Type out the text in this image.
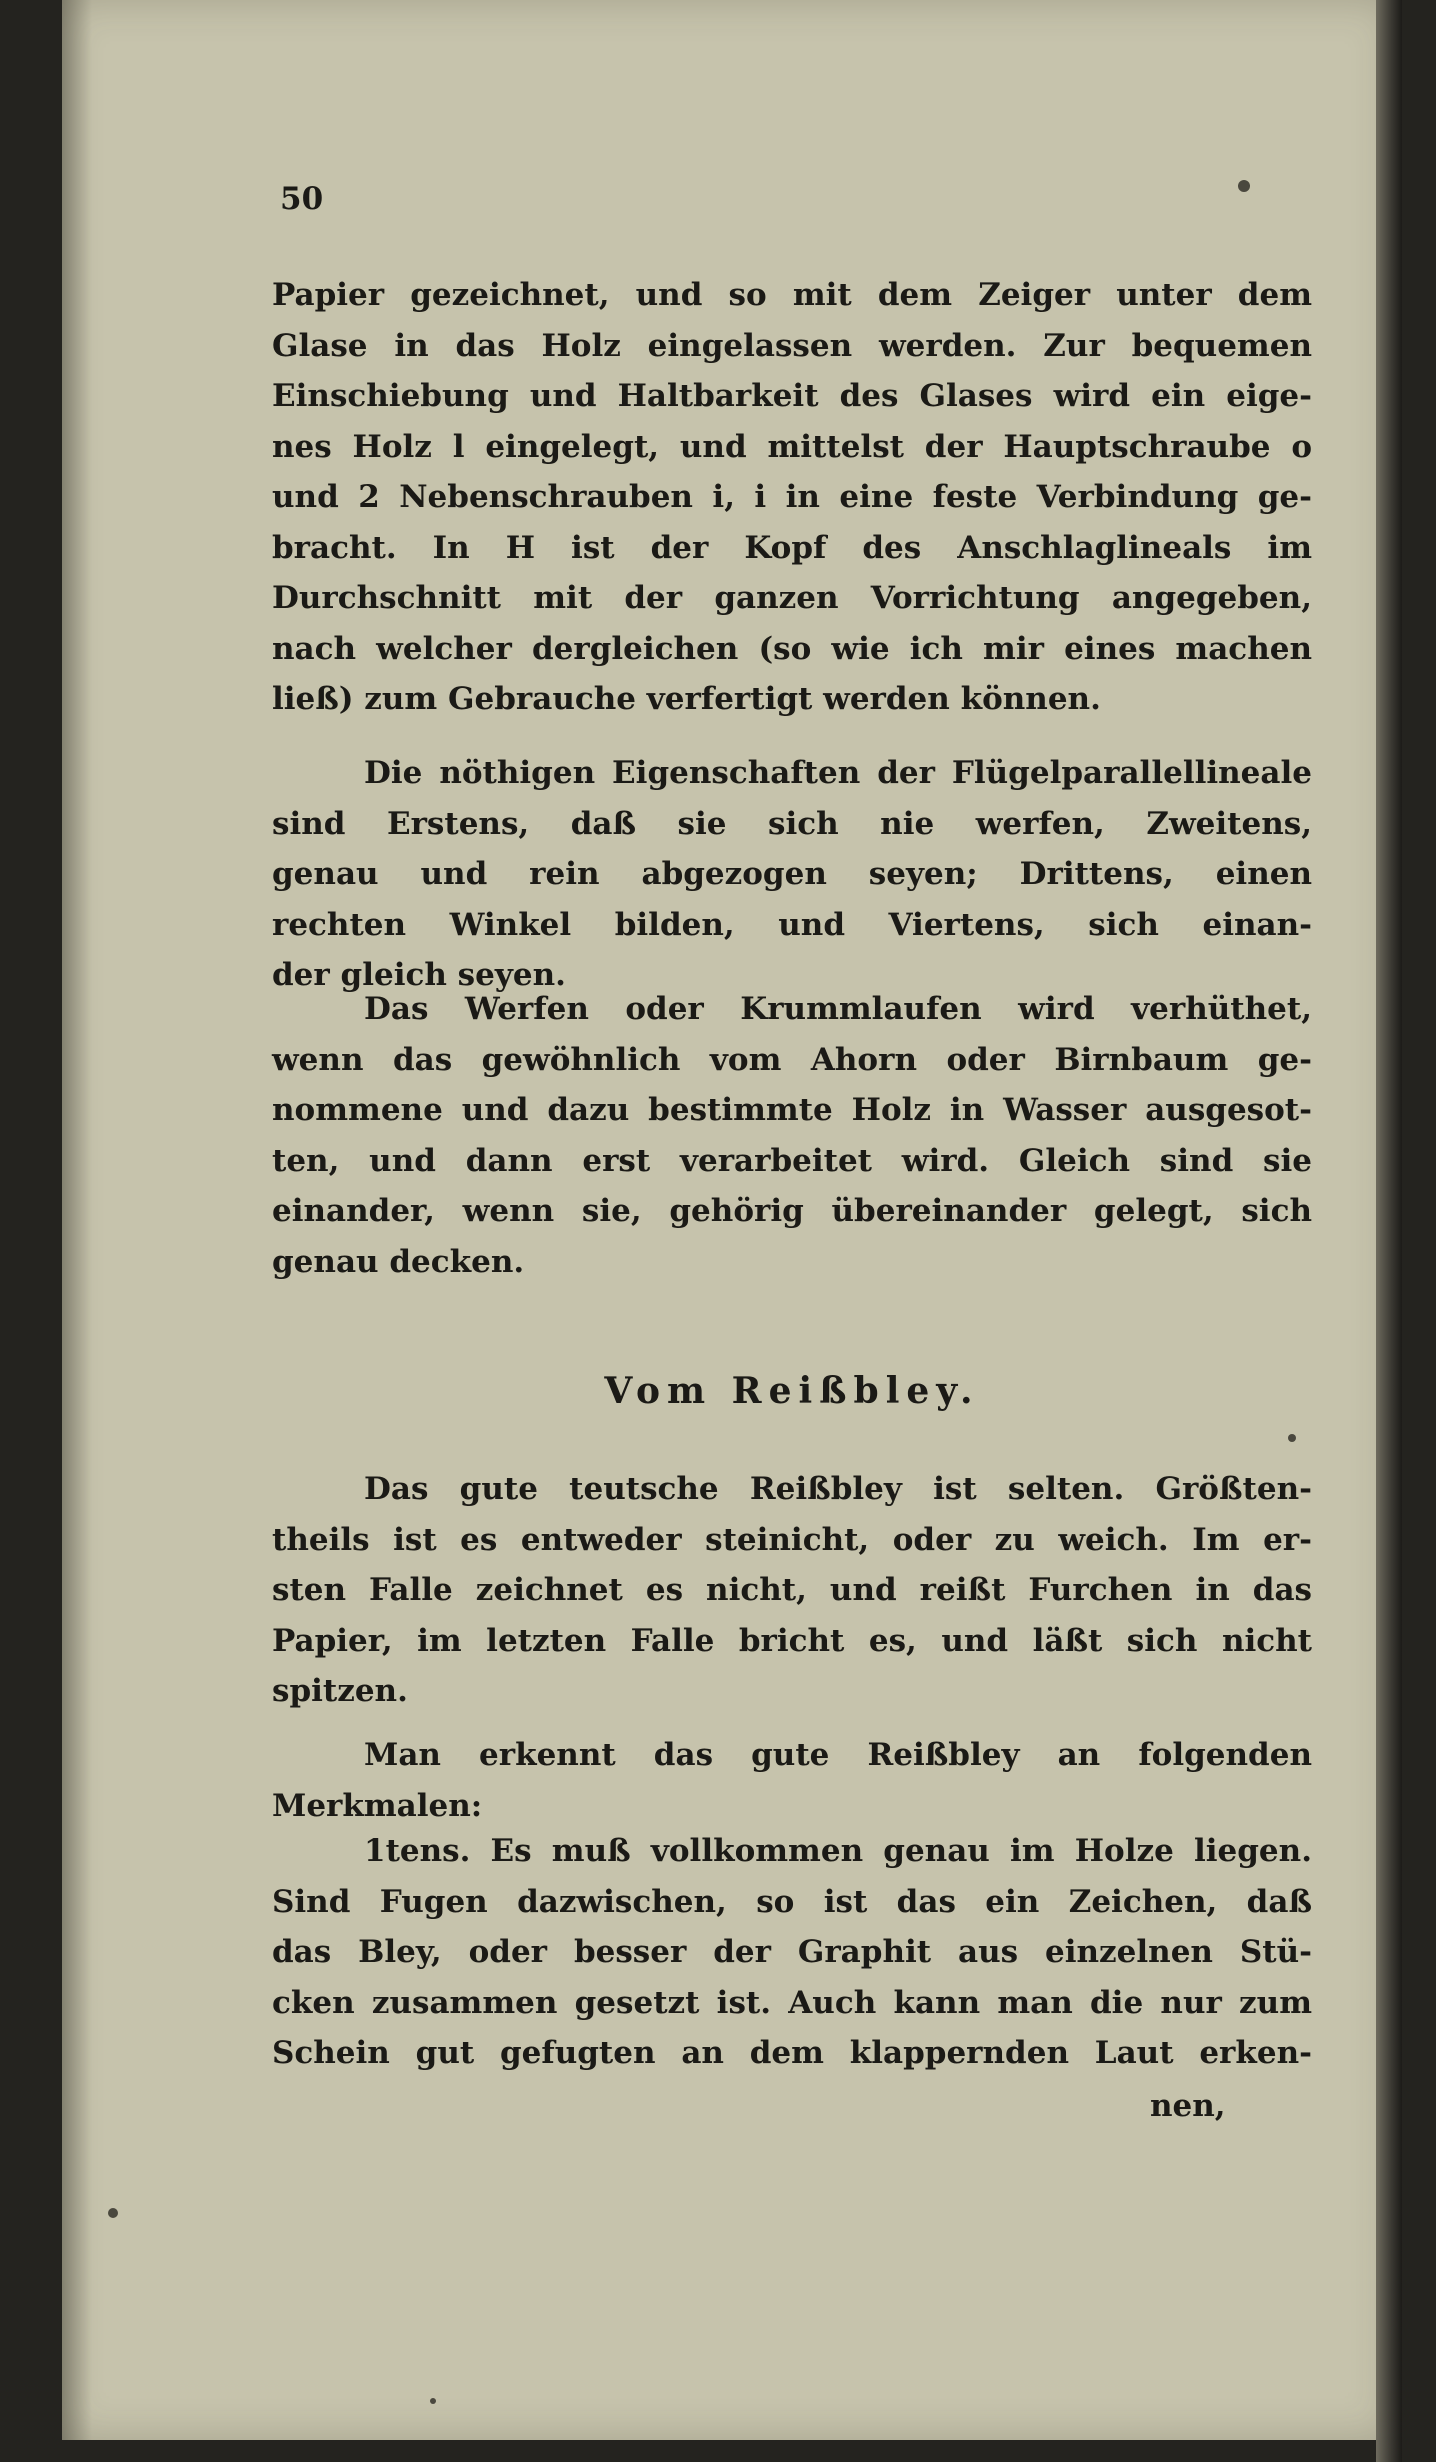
50
Papier gezeichnet, und so mit dem Zeiger unter dem
Glase in das Holz eingelassen werden. Zur bequemen
Einschiebung und Haltbarkeit des Glases wird ein eige-
nes Holz l eingelegt, und mittelst der Hauptschraube o
und 2 Nebenschrauben i, i in eine feste Verbindung ge-
bracht. In H ist der Kopf des Anschlaglineals im
Durchschnitt mit der ganzen Vorrichtung angegeben,
nach welcher dergleichen (so wie ich mir eines machen
ließ) zum Gebrauche verfertigt werden können.
Die nöthigen Eigenschaften der Flügelparallellineale
sind Erstens, daß sie sich nie werfen, Zweitens,
genau und rein abgezogen seyen; Drittens, einen
rechten Winkel bilden, und Viertens, sich einan-
der gleich seyen.
Das Werfen oder Krummlaufen wird verhüthet,
wenn das gewöhnlich vom Ahorn oder Birnbaum ge-
nommene und dazu bestimmte Holz in Wasser ausgesot-
ten, und dann erst verarbeitet wird. Gleich sind sie
einander, wenn sie, gehörig übereinander gelegt, sich
genau decken.
Vom Reißbley.
Das gute teutsche Reißbley ist selten. Größten-
theils ist es entweder steinicht, oder zu weich. Im er-
sten Falle zeichnet es nicht, und reißt Furchen in das
Papier, im letzten Falle bricht es, und läßt sich nicht
spitzen.
Man erkennt das gute Reißbley an folgenden
Merkmalen:
1tens. Es muß vollkommen genau im Holze liegen.
Sind Fugen dazwischen, so ist das ein Zeichen, daß
das Bley, oder besser der Graphit aus einzelnen Stü-
cken zusammen gesetzt ist. Auch kann man die nur zum
Schein gut gefugten an dem klappernden Laut erken-
nen,
